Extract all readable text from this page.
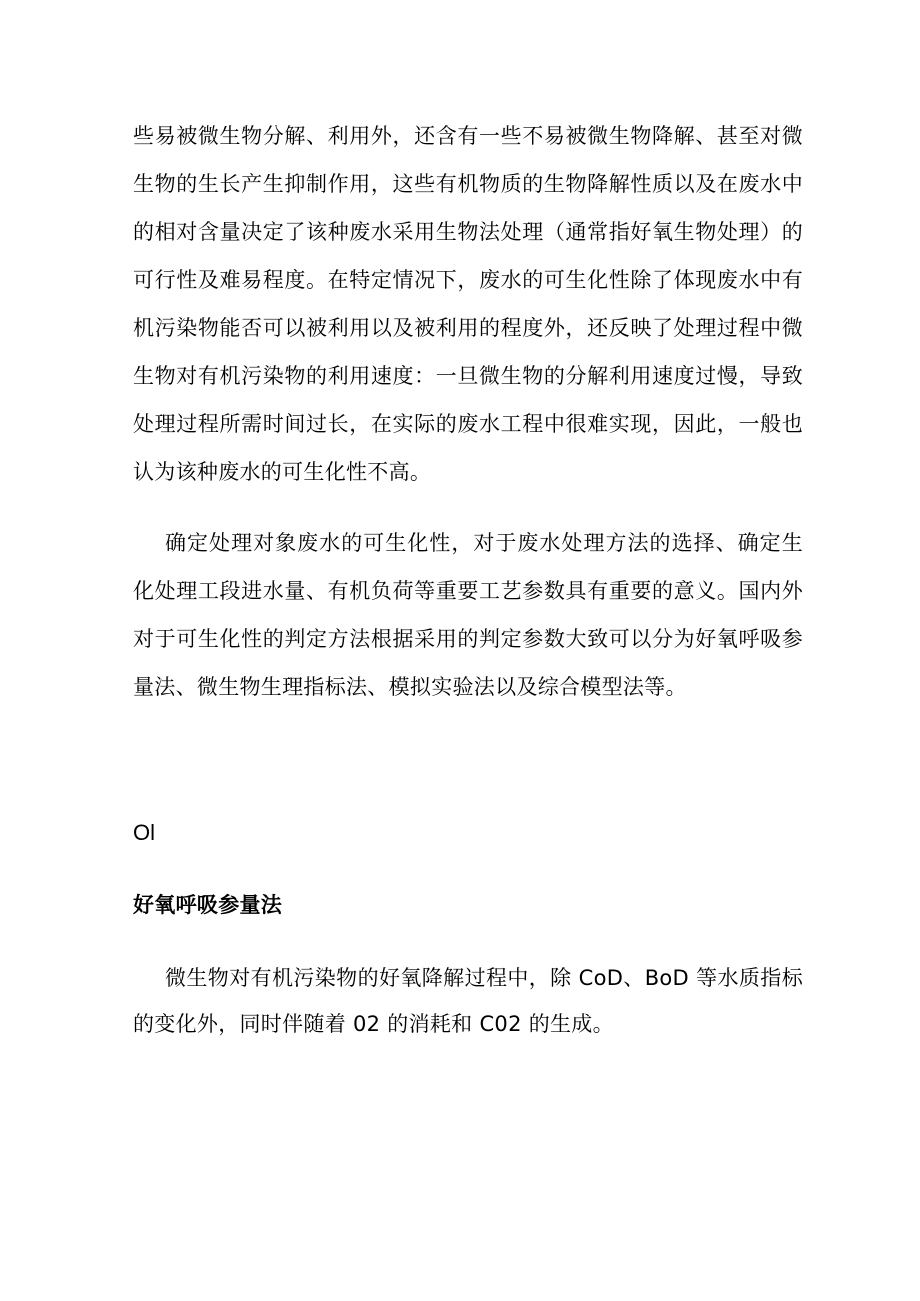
些易被微生物分解、利用外，还含有一些不易被微生物降解、甚至对微生物的生长产生抑制作用，这些有机物质的生物降解性质以及在废水中的相对含量决定了该种废水采用生物法处理（通常指好氧生物处理）的可行性及难易程度。在特定情况下，废水的可生化性除了体现废水中有机污染物能否可以被利用以及被利用的程度外，还反映了处理过程中微生物对有机污染物的利用速度：一旦微生物的分解利用速度过慢，导致处理过程所需时间过长，在实际的废水工程中很难实现，因此，一般也认为该种废水的可生化性不高。

确定处理对象废水的可生化性，对于废水处理方法的选择、确定生化处理工段进水量、有机负荷等重要工艺参数具有重要的意义。国内外对于可生化性的判定方法根据采用的判定参数大致可以分为好氧呼吸参量法、微生物生理指标法、模拟实验法以及综合模型法等。

Ol

好氧呼吸参量法

微生物对有机污染物的好氧降解过程中，除 CoD、BoD 等水质指标的变化外，同时伴随着 02 的消耗和 C02 的生成。
